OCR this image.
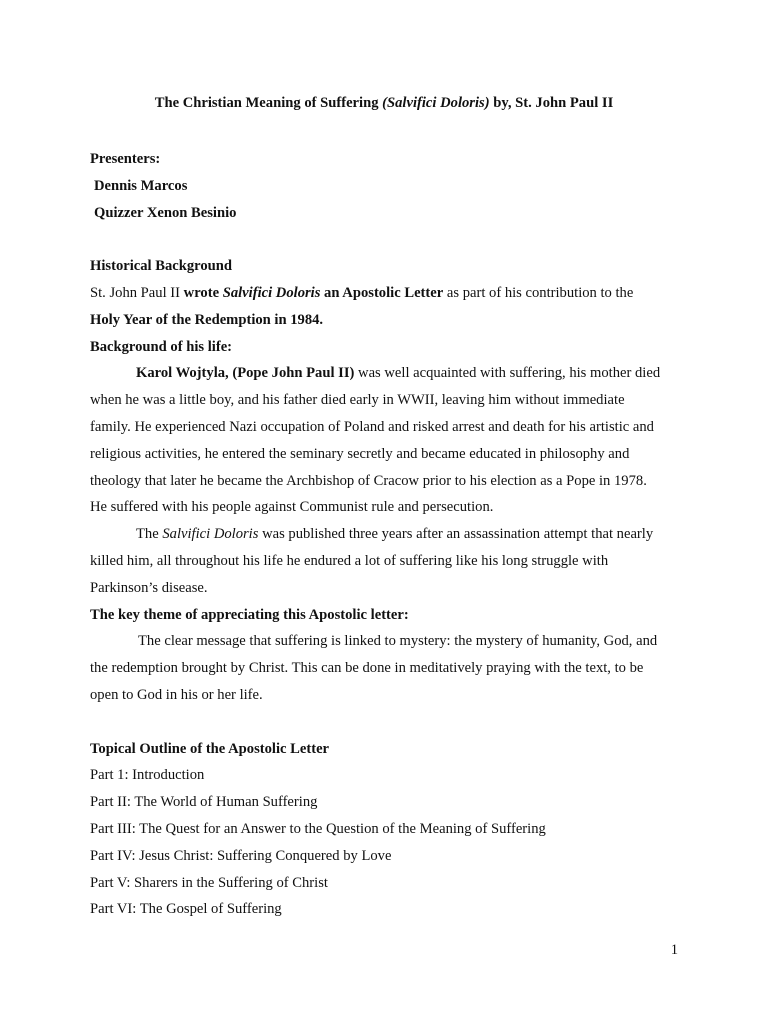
The Christian Meaning of Suffering (Salvifici Doloris) by, St. John Paul II
Presenters:
Dennis Marcos
Quizzer Xenon Besinio
Historical Background
St. John Paul II wrote Salvifici Doloris an Apostolic Letter as part of his contribution to the
Holy Year of the Redemption in 1984.
Background of his life:
Karol Wojtyla, (Pope John Paul II) was well acquainted with suffering, his mother died
when he was a little boy, and his father died early in WWII, leaving him without immediate
family. He experienced Nazi occupation of Poland and risked arrest and death for his artistic and
religious activities, he entered the seminary secretly and became educated in philosophy and
theology that later he became the Archbishop of Cracow prior to his election as a Pope in 1978.
He suffered with his people against Communist rule and persecution.
The Salvifici Doloris was published three years after an assassination attempt that nearly
killed him, all throughout his life he endured a lot of suffering like his long struggle with
Parkinson’s disease.
The key theme of appreciating this Apostolic letter:
The clear message that suffering is linked to mystery: the mystery of humanity, God, and
the redemption brought by Christ. This can be done in meditatively praying with the text, to be
open to God in his or her life.
Topical Outline of the Apostolic Letter
Part 1: Introduction
Part II: The World of Human Suffering
Part III: The Quest for an Answer to the Question of the Meaning of Suffering
Part IV: Jesus Christ: Suffering Conquered by Love
Part V: Sharers in the Suffering of Christ
Part VI: The Gospel of Suffering
1
